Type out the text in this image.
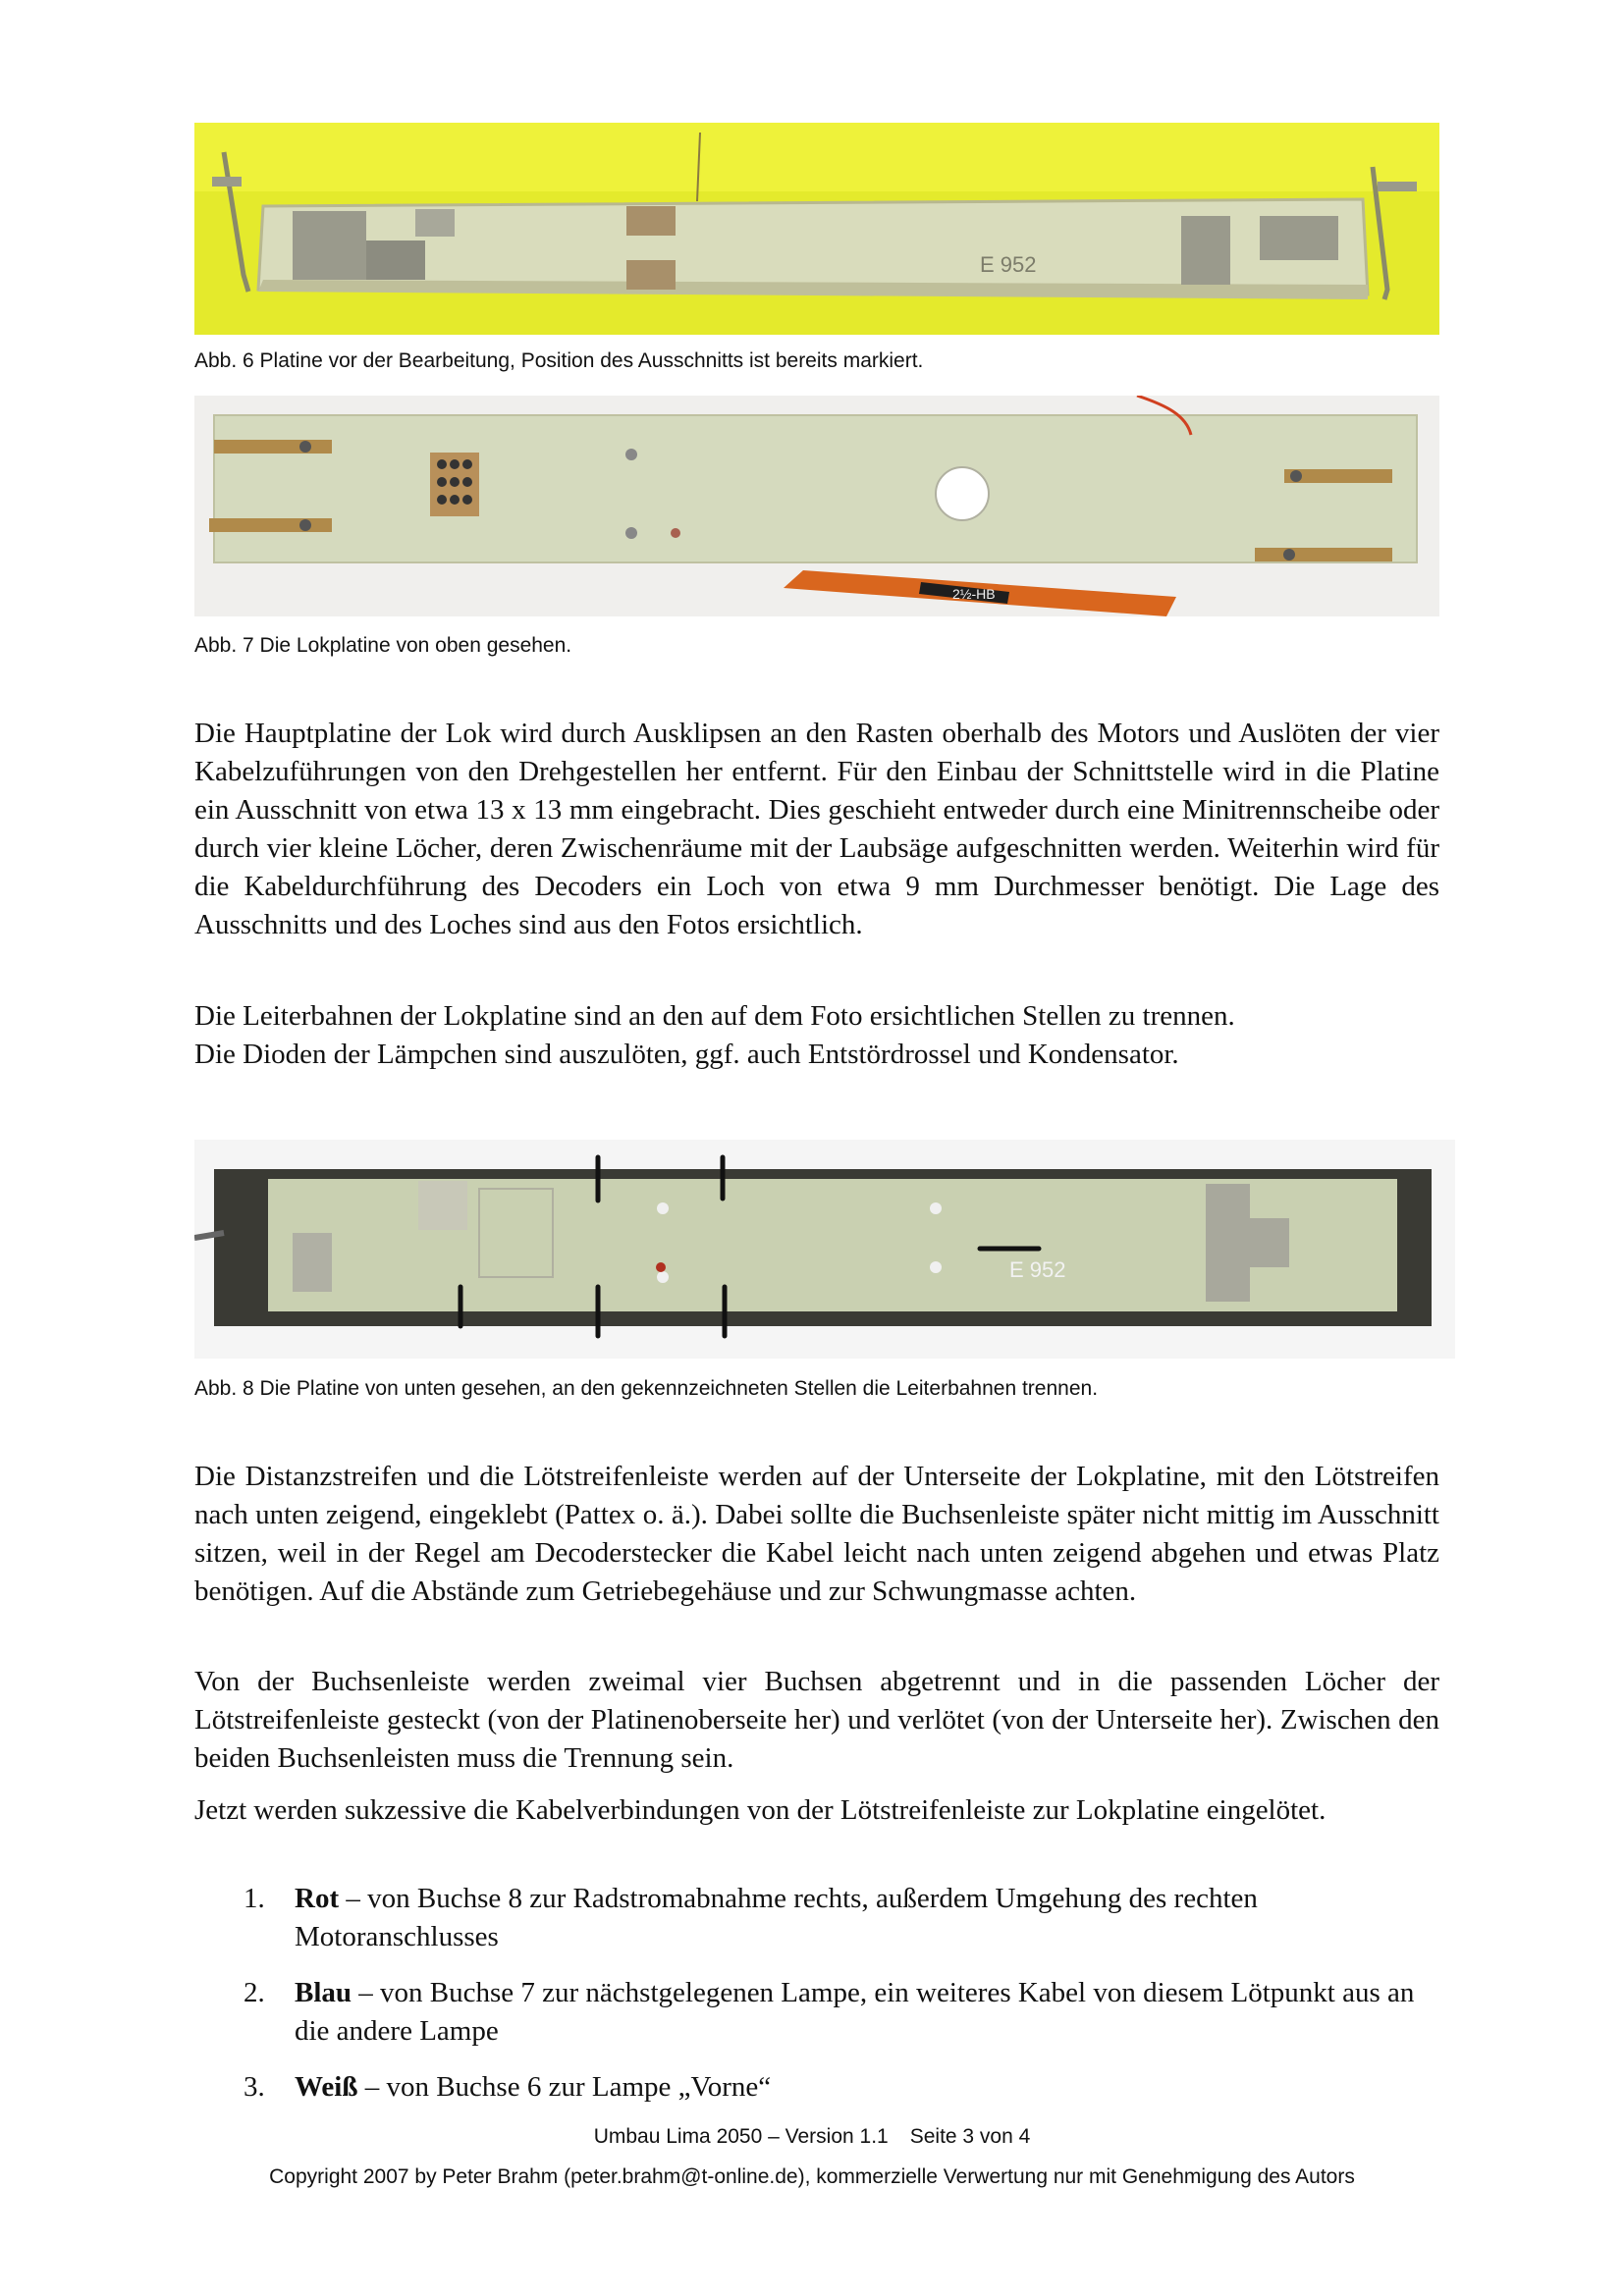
E 952
Abb. 6 Platine vor der Bearbeitung, Position des Ausschnitts ist bereits markiert.
2½-HB
Abb. 7 Die Lokplatine von oben gesehen.

Die Hauptplatine der Lok wird durch Ausklipsen an den Rasten oberhalb des Motors und Auslöten der vier Kabelzuführungen von den Drehgestellen her entfernt. Für den Einbau der Schnittstelle wird in die Platine ein Ausschnitt von etwa 13 x 13 mm eingebracht. Dies geschieht entweder durch eine Minitrennscheibe oder durch vier kleine Löcher, deren Zwischenräume mit der Laubsäge aufgeschnitten werden. Weiterhin wird für die Kabeldurchführung des Decoders ein Loch von etwa 9 mm Durchmesser benötigt. Die Lage des Ausschnitts und des Loches sind aus den Fotos ersichtlich.

Die Leiterbahnen der Lokplatine sind an den auf dem Foto ersichtlichen Stellen zu trennen.
Die Dioden der Lämpchen sind auszulöten, ggf. auch Entstördrossel und Kondensator.
E 952
Abb. 8 Die Platine von unten gesehen, an den gekennzeichneten Stellen die Leiterbahnen trennen.

Die Distanzstreifen und die Lötstreifenleiste werden auf der Unterseite der Lokplatine, mit den Lötstreifen nach unten zeigend, eingeklebt (Pattex o. ä.). Dabei sollte die Buchsenleiste später nicht mittig im Ausschnitt sitzen, weil in der Regel am Decoderstecker die Kabel leicht nach unten zeigend abgehen und etwas Platz benötigen. Auf die Abstände zum Getriebegehäuse und zur Schwungmasse achten.

Von der Buchsenleiste werden zweimal vier Buchsen abgetrennt und in die passenden Löcher der Lötstreifenleiste gesteckt (von der Platinenoberseite her) und verlötet (von der Unterseite her). Zwischen den beiden Buchsenleisten muss die Trennung sein.

Jetzt werden sukzessive die Kabelverbindungen von der Lötstreifenleiste zur Lokplatine eingelötet.

1. Rot – von Buchse 8 zur Radstromabnahme rechts, außerdem Umgehung des rechten Motoranschlusses
2. Blau – von Buchse 7 zur nächstgelegenen Lampe, ein weiteres Kabel von diesem Lötpunkt aus an die andere Lampe
3. Weiß – von Buchse 6 zur Lampe „Vorne“
Umbau Lima 2050 – Version 1.1 Seite 3 von 4
Copyright 2007 by Peter Brahm (peter.brahm@t-online.de), kommerzielle Verwertung nur mit Genehmigung des Autors
